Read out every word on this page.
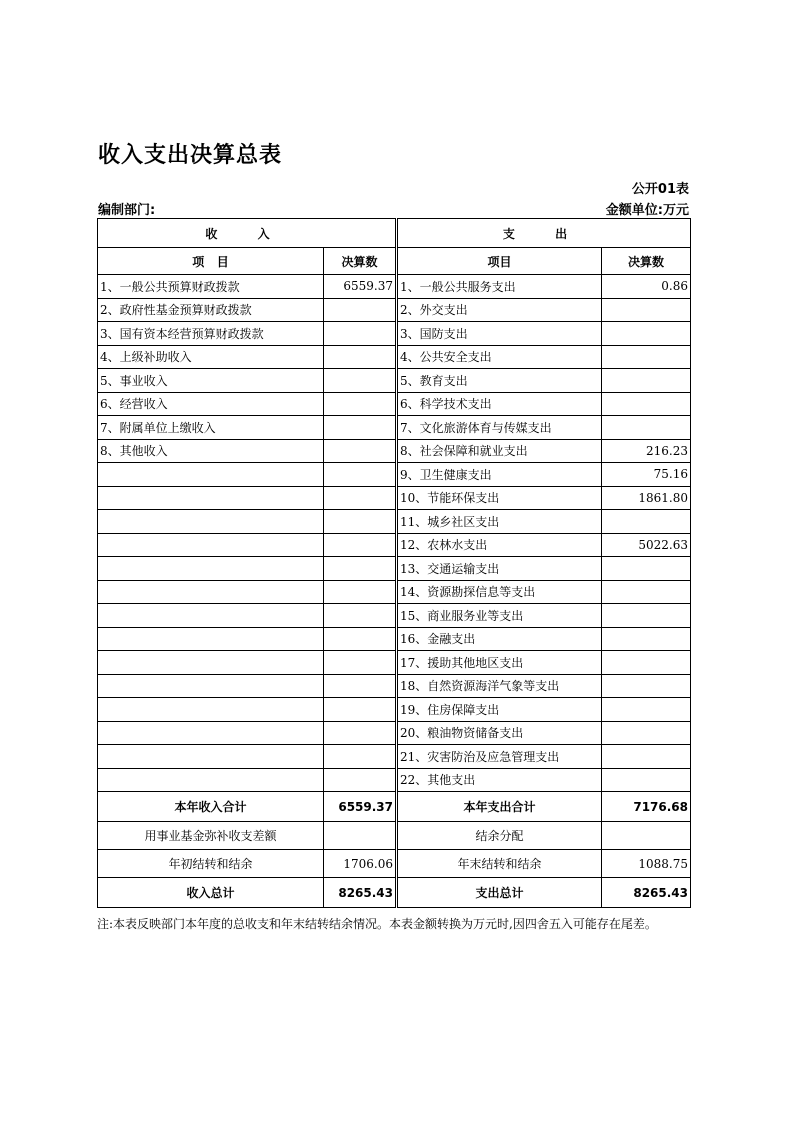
收入支出决算总表
公开01表
编制部门:	金额单位:万元
收 入		支 出	
项   目	决算数	项目	决算数
1、一般公共预算财政拨款	6559.37	1、一般公共服务支出	0.86
2、政府性基金预算财政拨款		2、外交支出	
3、国有资本经营预算财政拨款		3、国防支出	
4、上级补助收入		4、公共安全支出	
5、事业收入		5、教育支出	
6、经营收入		6、科学技术支出	
7、附属单位上缴收入		7、文化旅游体育与传媒支出	
8、其他收入		8、社会保障和就业支出	216.23
		9、卫生健康支出	75.16
		10、节能环保支出	1861.80
		11、城乡社区支出	
		12、农林水支出	5022.63
		13、交通运输支出	
		14、资源勘探信息等支出	
		15、商业服务业等支出	
		16、金融支出	
		17、援助其他地区支出	
		18、自然资源海洋气象等支出	
		19、住房保障支出	
		20、粮油物资储备支出	
		21、灾害防治及应急管理支出	
		22、其他支出	
本年收入合计	6559.37	本年支出合计	7176.68
用事业基金弥补收支差额		结余分配	
年初结转和结余	1706.06	年末结转和结余	1088.75
收入总计	8265.43	支出总计	8265.43
注:本表反映部门本年度的总收支和年末结转结余情况。本表金额转换为万元时,因四舍五入可能存在尾差。
